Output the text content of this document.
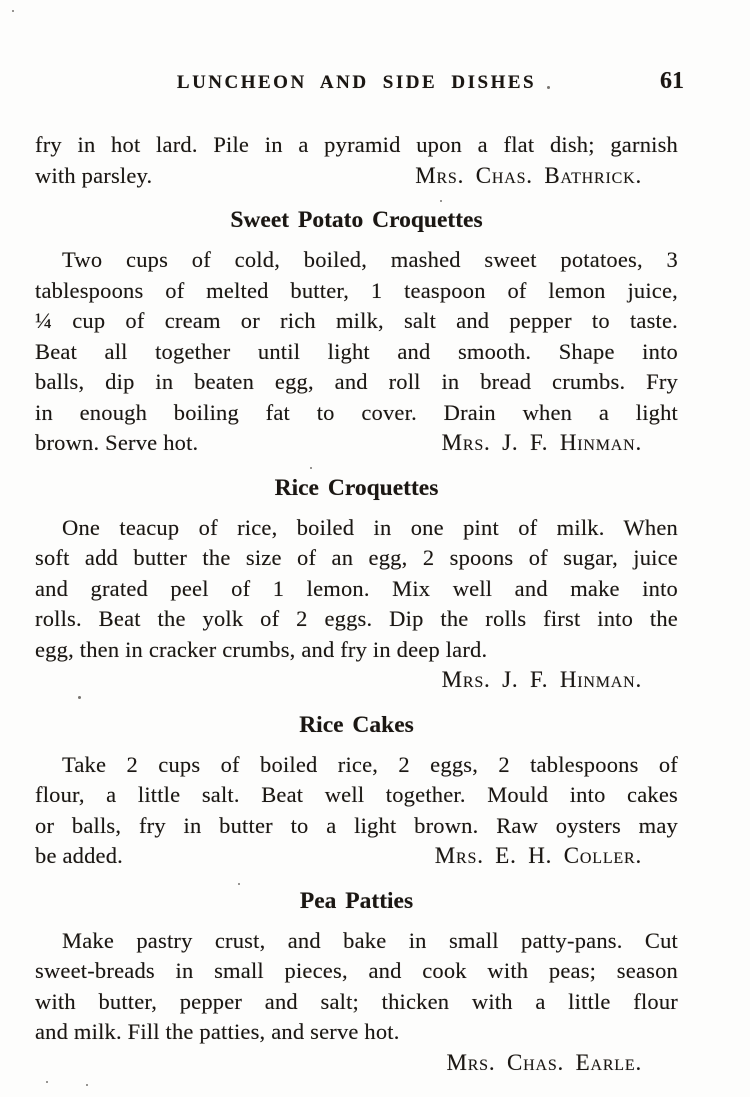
LUNCHEON AND SIDE DISHES	61
fry in hot lard. Pile in a pyramid upon a flat dish; garnish
with parsley.	Mrs. Chas. Bathrick.
Sweet Potato Croquettes
Two cups of cold, boiled, mashed sweet potatoes, 3
tablespoons of melted butter, 1 teaspoon of lemon juice,
¼ cup of cream or rich milk, salt and pepper to taste.
Beat all together until light and smooth. Shape into
balls, dip in beaten egg, and roll in bread crumbs. Fry
in enough boiling fat to cover. Drain when a light
brown. Serve hot.	Mrs. J. F. Hinman.
Rice Croquettes
One teacup of rice, boiled in one pint of milk. When
soft add butter the size of an egg, 2 spoons of sugar, juice
and grated peel of 1 lemon. Mix well and make into
rolls. Beat the yolk of 2 eggs. Dip the rolls first into the
egg, then in cracker crumbs, and fry in deep lard.
Mrs. J. F. Hinman.
Rice Cakes
Take 2 cups of boiled rice, 2 eggs, 2 tablespoons of
flour, a little salt. Beat well together. Mould into cakes
or balls, fry in butter to a light brown. Raw oysters may
be added.	Mrs. E. H. Coller.
Pea Patties
Make pastry crust, and bake in small patty-pans. Cut
sweet-breads in small pieces, and cook with peas; season
with butter, pepper and salt; thicken with a little flour
and milk. Fill the patties, and serve hot.
Mrs. Chas. Earle.
